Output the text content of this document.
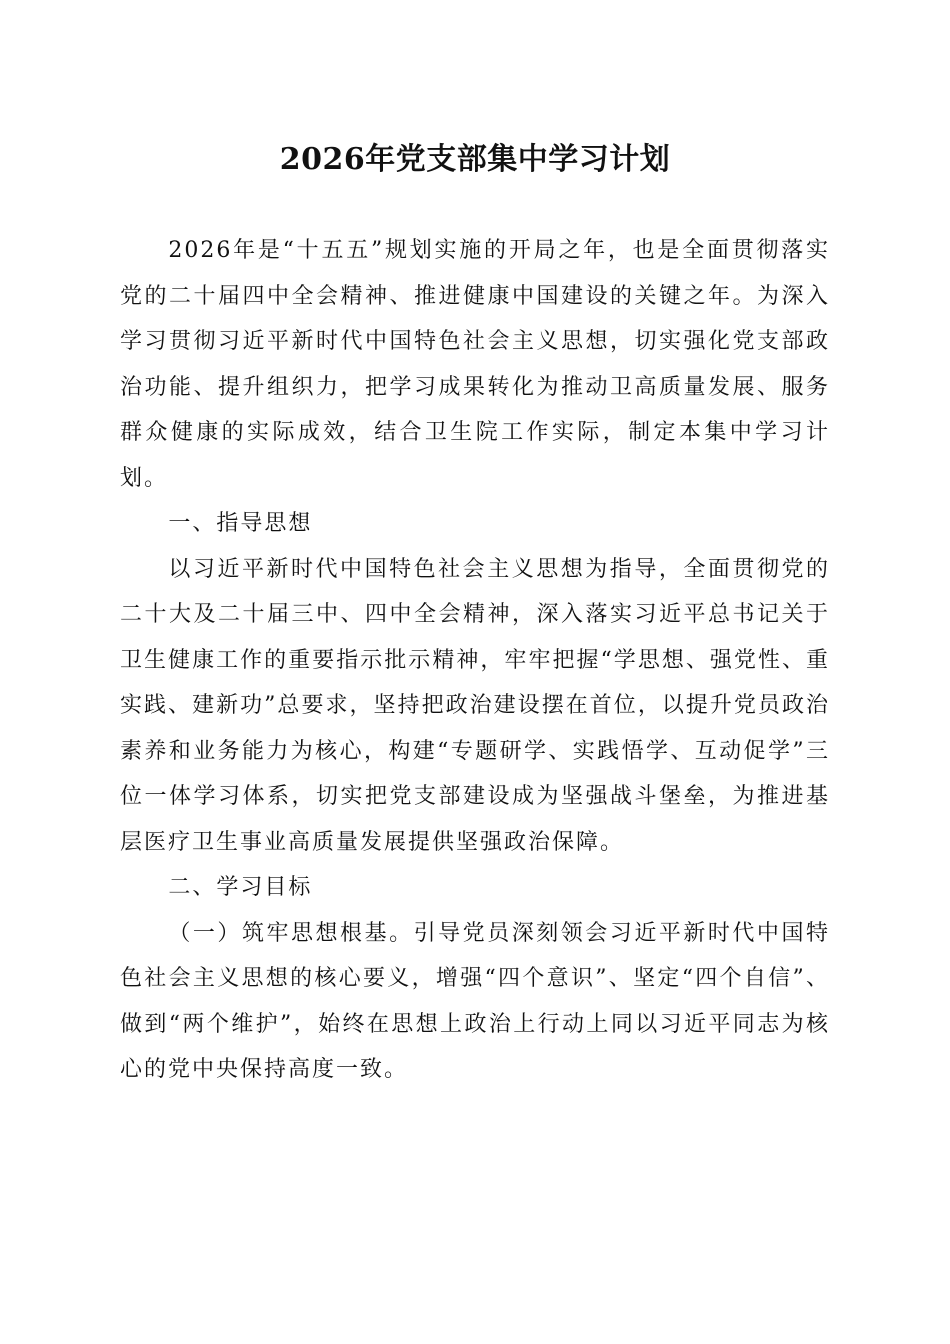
2026年党支部集中学习计划

2026年是“十五五”规划实施的开局之年，也是全面贯彻落实党的二十届四中全会精神、推进健康中国建设的关键之年。为深入学习贯彻习近平新时代中国特色社会主义思想，切实强化党支部政治功能、提升组织力，把学习成果转化为推动卫高质量发展、服务群众健康的实际成效，结合卫生院工作实际，制定本集中学习计划。

一、指导思想

以习近平新时代中国特色社会主义思想为指导，全面贯彻党的二十大及二十届三中、四中全会精神，深入落实习近平总书记关于卫生健康工作的重要指示批示精神，牢牢把握“学思想、强党性、重实践、建新功”总要求，坚持把政治建设摆在首位，以提升党员政治素养和业务能力为核心，构建“专题研学、实践悟学、互动促学”三位一体学习体系，切实把党支部建设成为坚强战斗堡垒，为推进基层医疗卫生事业高质量发展提供坚强政治保障。

二、学习目标

（一）筑牢思想根基。引导党员深刻领会习近平新时代中国特色社会主义思想的核心要义，增强“四个意识”、坚定“四个自信”、做到“两个维护”，始终在思想上政治上行动上同以习近平同志为核心的党中央保持高度一致。
